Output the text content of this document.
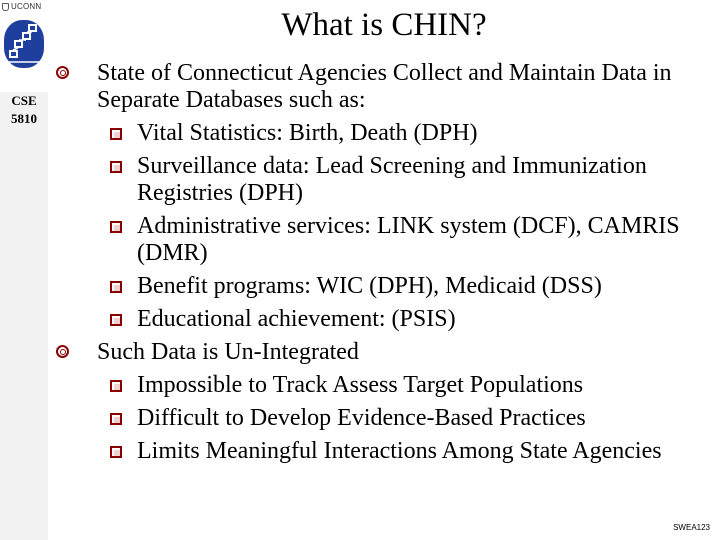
UCONN
CSE
5810
What is CHIN?
State of Connecticut Agencies Collect and Maintain Data in Separate Databases such as:
Vital Statistics: Birth, Death (DPH)
Surveillance data: Lead Screening and Immunization Registries (DPH)
Administrative services: LINK system (DCF), CAMRIS (DMR)
Benefit programs: WIC (DPH), Medicaid (DSS)
Educational achievement: (PSIS)
Such Data is Un-Integrated
Impossible to Track Assess Target Populations
Difficult to Develop Evidence-Based Practices
Limits Meaningful Interactions Among State Agencies
SWEA123
